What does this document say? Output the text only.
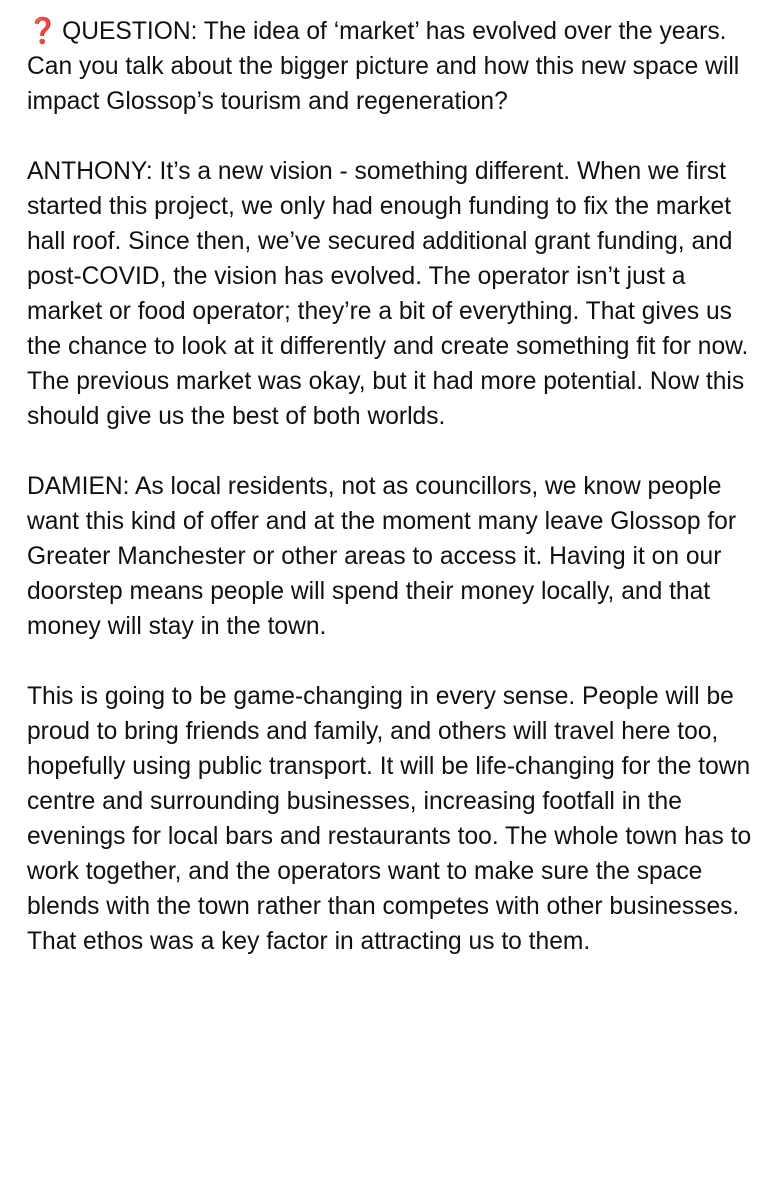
❓ QUESTION: The idea of ‘market’ has evolved over the years. Can you talk about the bigger picture and how this new space will impact Glossop’s tourism and regeneration?

ANTHONY: It’s a new vision - something different. When we first started this project, we only had enough funding to fix the market hall roof. Since then, we’ve secured additional grant funding, and post-COVID, the vision has evolved. The operator isn’t just a market or food operator; they’re a bit of everything. That gives us the chance to look at it differently and create something fit for now. The previous market was okay, but it had more potential. Now this should give us the best of both worlds.

DAMIEN: As local residents, not as councillors, we know people want this kind of offer and at the moment many leave Glossop for Greater Manchester or other areas to access it. Having it on our doorstep means people will spend their money locally, and that money will stay in the town.

This is going to be game-changing in every sense. People will be proud to bring friends and family, and others will travel here too, hopefully using public transport. It will be life-changing for the town centre and surrounding businesses, increasing footfall in the evenings for local bars and restaurants too. The whole town has to work together, and the operators want to make sure the space blends with the town rather than competes with other businesses. That ethos was a key factor in attracting us to them.
